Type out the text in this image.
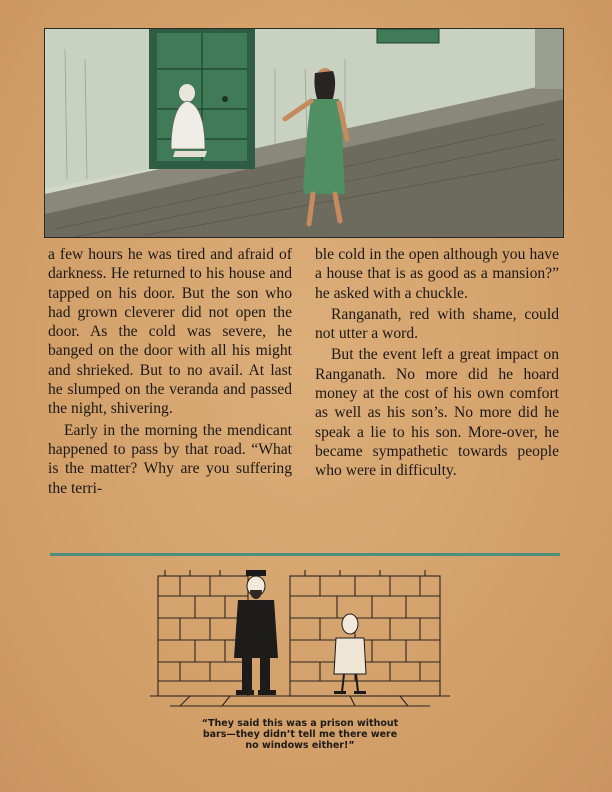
a few hours he was tired and afraid of darkness. He returned to his house and tapped on his door. But the son who had grown cleverer did not open the door. As the cold was severe, he banged on the door with all his might and shrieked. But to no avail. At last he slumped on the veranda and passed the night, shivering.

Early in the morning the mendicant happened to pass by that road. “What is the matter? Why are you suffering the terri-

ble cold in the open although you have a house that is as good as a mansion?” he asked with a chuckle.

Ranganath, red with shame, could not utter a word.

But the event left a great impact on Ranganath. No more did he hoard money at the cost of his own comfort as well as his son’s. No more did he speak a lie to his son. More-over, he became sympathetic towards people who were in difficulty.

“They said this was a prison without
bars—they didn’t tell me there were
no windows either!”
